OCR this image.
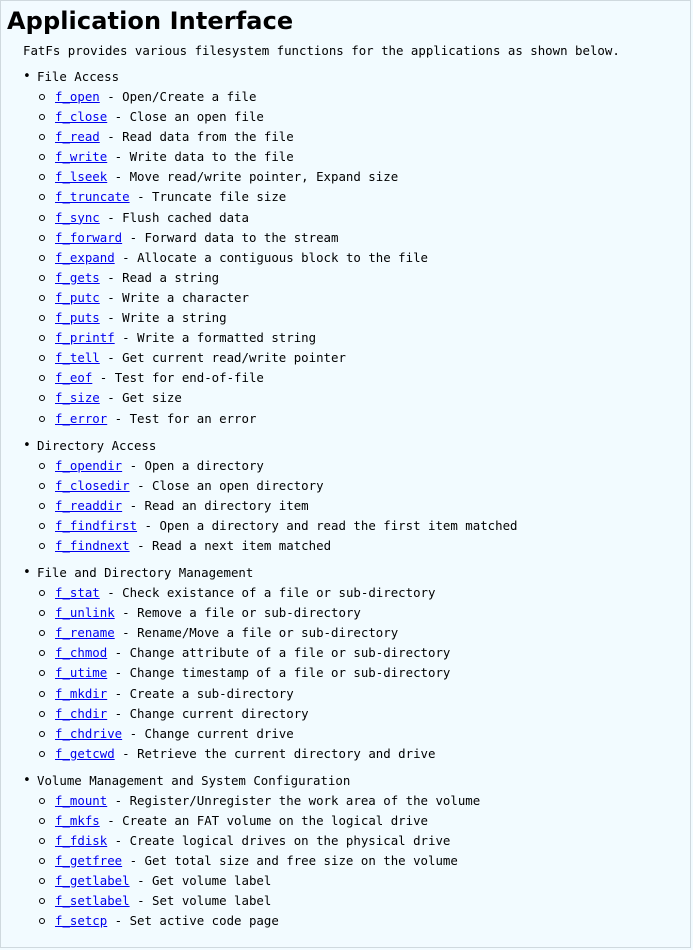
Application Interface

FatFs provides various filesystem functions for the applications as shown below.

• File Access
f_open - Open/Create a file
f_close - Close an open file
f_read - Read data from the file
f_write - Write data to the file
f_lseek - Move read/write pointer, Expand size
f_truncate - Truncate file size
f_sync - Flush cached data
f_forward - Forward data to the stream
f_expand - Allocate a contiguous block to the file
f_gets - Read a string
f_putc - Write a character
f_puts - Write a string
f_printf - Write a formatted string
f_tell - Get current read/write pointer
f_eof - Test for end-of-file
f_size - Get size
f_error - Test for an error
• Directory Access
f_opendir - Open a directory
f_closedir - Close an open directory
f_readdir - Read an directory item
f_findfirst - Open a directory and read the first item matched
f_findnext - Read a next item matched
• File and Directory Management
f_stat - Check existance of a file or sub-directory
f_unlink - Remove a file or sub-directory
f_rename - Rename/Move a file or sub-directory
f_chmod - Change attribute of a file or sub-directory
f_utime - Change timestamp of a file or sub-directory
f_mkdir - Create a sub-directory
f_chdir - Change current directory
f_chdrive - Change current drive
f_getcwd - Retrieve the current directory and drive
• Volume Management and System Configuration
f_mount - Register/Unregister the work area of the volume
f_mkfs - Create an FAT volume on the logical drive
f_fdisk - Create logical drives on the physical drive
f_getfree - Get total size and free size on the volume
f_getlabel - Get volume label
f_setlabel - Set volume label
f_setcp - Set active code page
